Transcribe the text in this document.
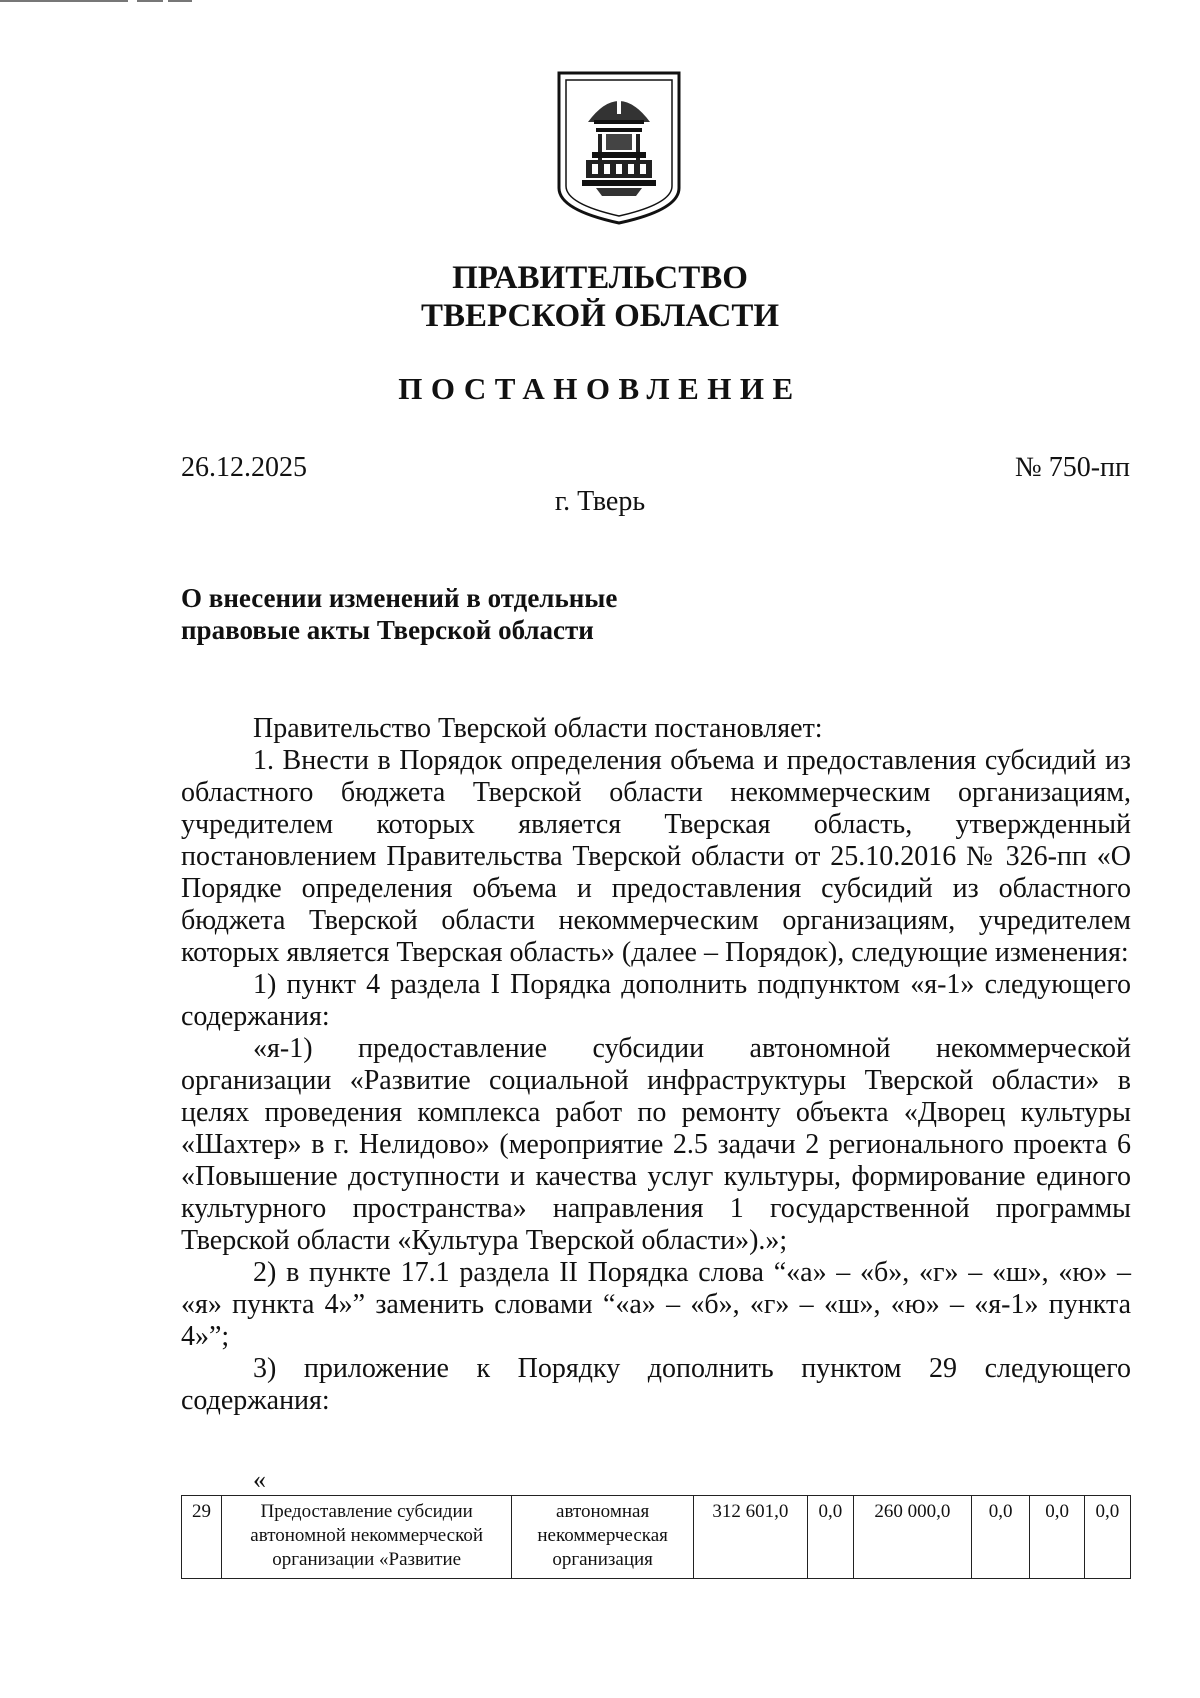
ПРАВИТЕЛЬСТВО
ТВЕРСКОЙ ОБЛАСТИ
ПОСТАНОВЛЕНИЕ
26.12.2025	№ 750-пп
г. Тверь
О внесении изменений в отдельные
правовые акты Тверской области
Правительство Тверской области постановляет:
1. Внести в Порядок определения объема и предоставления субсидий из областного бюджета Тверской области некоммерческим организациям, учредителем которых является Тверская область, утвержденный постановлением Правительства Тверской области от 25.10.2016 № 326-пп «О Порядке определения объема и предоставления субсидий из областного бюджета Тверской области некоммерческим организациям, учредителем которых является Тверская область» (далее – Порядок), следующие изменения:
1) пункт 4 раздела I Порядка дополнить подпунктом «я-1» следующего содержания:
«я-1) предоставление субсидии автономной некоммерческой организации «Развитие социальной инфраструктуры Тверской области» в целях проведения комплекса работ по ремонту объекта «Дворец культуры «Шахтер» в г. Нелидово» (мероприятие 2.5 задачи 2 регионального проекта 6 «Повышение доступности и качества услуг культуры, формирование единого культурного пространства» направления 1 государственной программы Тверской области «Культура Тверской области»).»;
2) в пункте 17.1 раздела II Порядка слова “«а» – «б», «г» – «ш», «ю» – «я» пункта 4»” заменить словами “«а» – «б», «г» – «ш», «ю» – «я-1» пункта 4»”;
3) приложение к Порядку дополнить пунктом 29 следующего содержания:
«
29	Предоставление субсидии автономной некоммерческой организации «Развитие	автономная некоммерческая организация	312 601,0	0,0	260 000,0	0,0	0,0	0,0
